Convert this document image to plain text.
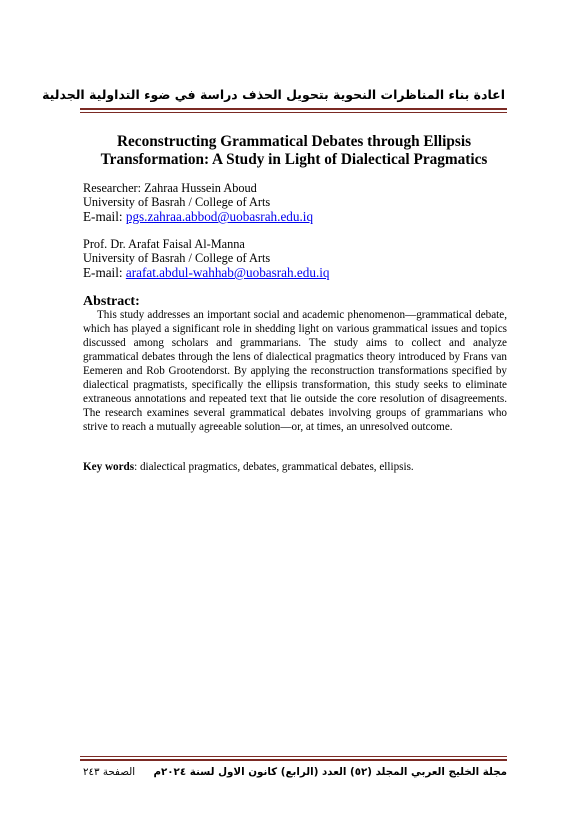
اعادة بناء المناظرات النحوية بتحويل الحذف دراسة في ضوء التداولية الجدلية
Reconstructing Grammatical Debates through Ellipsis Transformation: A Study in Light of Dialectical Pragmatics
Researcher: Zahraa Hussein Aboud
University of Basrah / College of Arts
E-mail: pgs.zahraa.abbod@uobasrah.edu.iq
Prof. Dr. Arafat Faisal Al-Manna
University of Basrah / College of Arts
E-mail: arafat.abdul-wahhab@uobasrah.edu.iq
Abstract:
This study addresses an important social and academic phenomenon—grammatical debate, which has played a significant role in shedding light on various grammatical issues and topics discussed among scholars and grammarians. The study aims to collect and analyze grammatical debates through the lens of dialectical pragmatics theory introduced by Frans van Eemeren and Rob Grootendorst. By applying the reconstruction transformations specified by dialectical pragmatists, specifically the ellipsis transformation, this study seeks to eliminate extraneous annotations and repeated text that lie outside the core resolution of disagreements. The research examines several grammatical debates involving groups of grammarians who strive to reach a mutually agreeable solution—or, at times, an unresolved outcome.
Key words: dialectical pragmatics, debates, grammatical debates, ellipsis.
مجلة الخليج العربي المجلد (٥٢) العدد (الرابع) كانون الاول لسنة ٢٠٢٤م
الصفحة ٢٤٣
